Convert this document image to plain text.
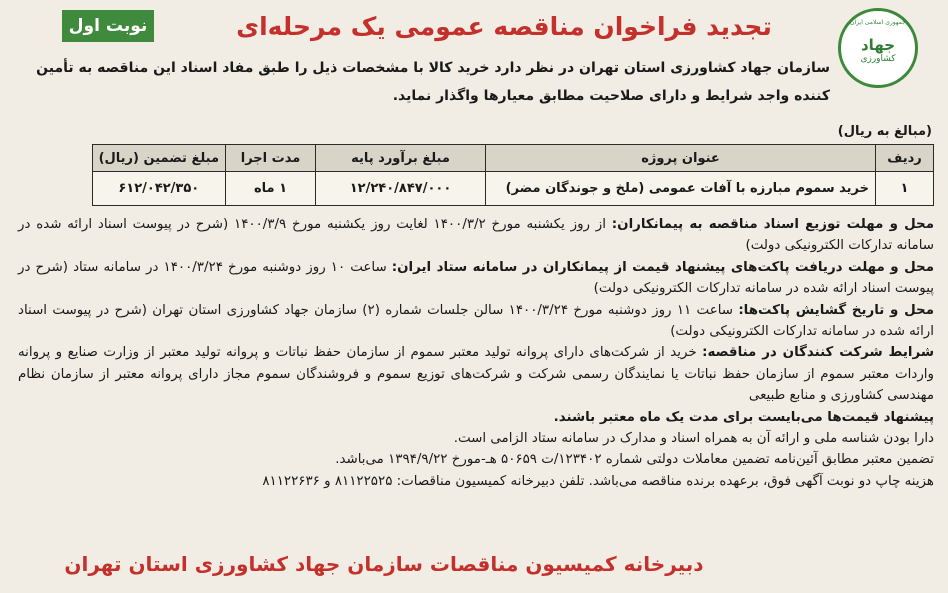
جمهوری اسلامی ایران
جهاد
کشاورزی
نوبت اول	تجدید فراخوان مناقصه عمومی یک مرحله‌ای
سازمان جهاد کشاورزی استان تهران در نظر دارد خرید کالا با مشخصات ذیل را طبق مفاد اسناد این مناقصه به تأمین کننده واجد شرایط و دارای صلاحیت مطابق معیارها واگذار نماید.
(مبالغ به ریال)
ردیف	عنوان پروژه	مبلغ برآورد پایه	مدت اجرا	مبلغ تضمین (ریال)
۱	خرید سموم مبارزه با آفات عمومی (ملخ و جوندگان مضر)	۱۲/۲۴۰/۸۴۷/۰۰۰	۱ ماه	۶۱۲/۰۴۲/۳۵۰

محل و مهلت توزیع اسناد مناقصه به پیمانکاران: از روز یکشنبه مورخ ۱۴۰۰/۳/۲ لغایت روز یکشنبه مورخ ۱۴۰۰/۳/۹ (شرح در پیوست اسناد ارائه شده در سامانه تدارکات الکترونیکی دولت)

محل و مهلت دریافت پاکت‌های پیشنهاد قیمت از پیمانکاران در سامانه ستاد ایران: ساعت ۱۰ روز دوشنبه مورخ ۱۴۰۰/۳/۲۴ در سامانه ستاد (شرح در پیوست اسناد ارائه شده در سامانه تدارکات الکترونیکی دولت)

محل و تاریخ گشایش پاکت‌ها: ساعت ۱۱ روز دوشنبه مورخ ۱۴۰۰/۳/۲۴ سالن جلسات شماره (۲) سازمان جهاد کشاورزی استان تهران (شرح در پیوست اسناد ارائه شده در سامانه تدارکات الکترونیکی دولت)

شرایط شرکت کنندگان در مناقصه: خرید از شرکت‌های دارای پروانه تولید معتبر سموم از سازمان حفظ نباتات و پروانه تولید معتبر از وزارت صنایع و پروانه واردات معتبر سموم از سازمان حفظ نباتات یا نمایندگان رسمی شرکت و شرکت‌های توزیع سموم و فروشندگان سموم مجاز دارای پروانه معتبر از سازمان نظام مهندسی کشاورزی و منابع طبیعی

پیشنهاد قیمت‌ها می‌بایست برای مدت یک ماه معتبر باشند.

دارا بودن شناسه ملی و ارائه آن به همراه اسناد و مدارک در سامانه ستاد الزامی است.

تضمین معتبر مطابق آئین‌نامه تضمین معاملات دولتی شماره ۱۲۳۴۰۲/ت ۵۰۶۵۹ هـ-مورخ ۱۳۹۴/۹/۲۲ می‌باشد.

هزینه چاپ دو نوبت آگهی فوق، برعهده برنده مناقصه می‌باشد. تلفن دبیرخانه کمیسیون مناقصات: ۸۱۱۲۲۵۲۵ و ۸۱۱۲۲۶۳۶

دبیرخانه کمیسیون مناقصات سازمان جهاد کشاورزی استان تهران
